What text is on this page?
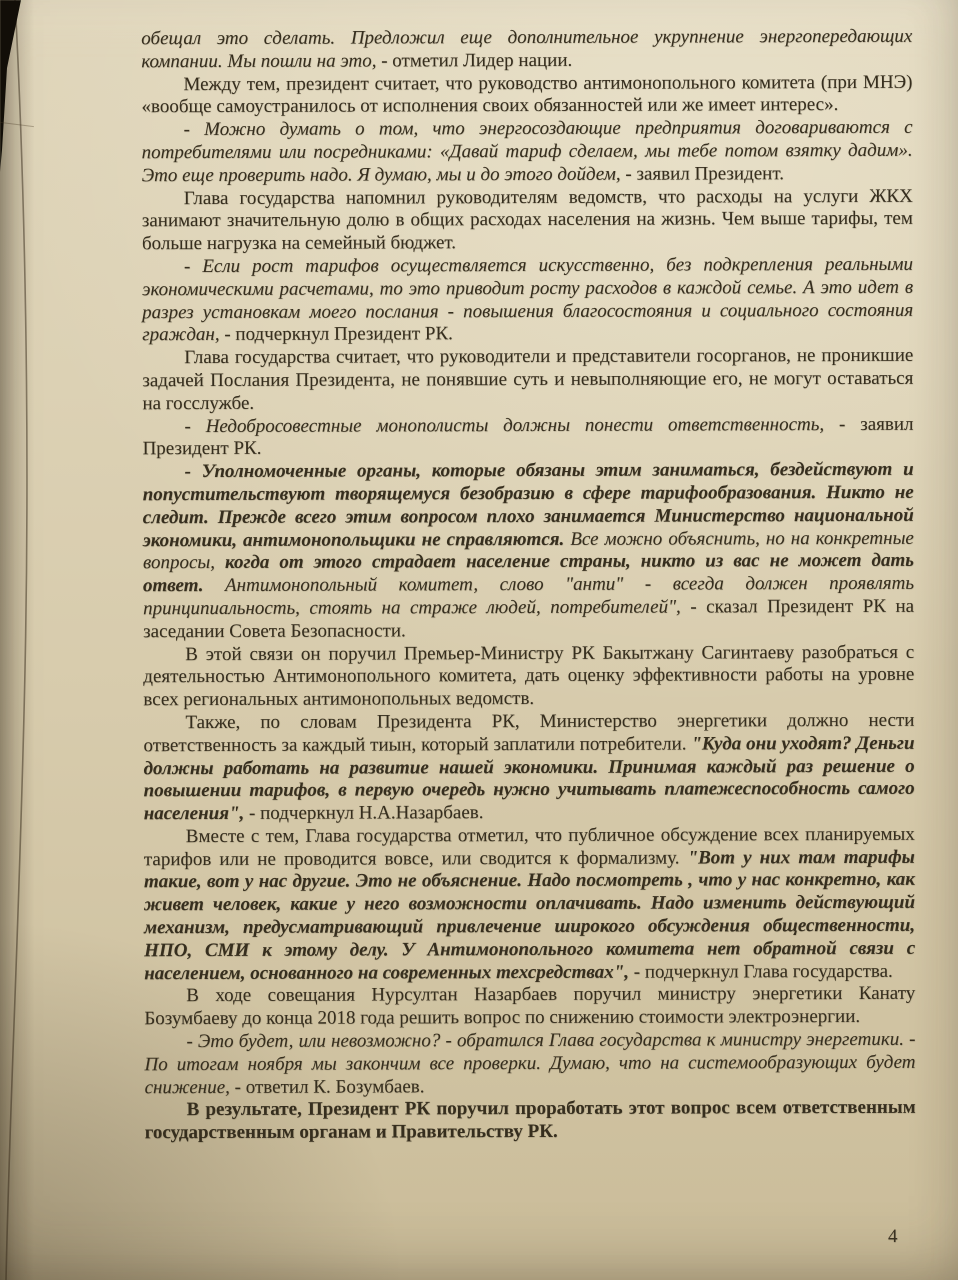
обещал это сделать. Предложил еще дополнительное укрупнение энергопередающих компании. Мы пошли на это, - отметил Лидер нации.

Между тем, президент считает, что руководство антимонопольного комитета (при МНЭ) «вообще самоустранилось от исполнения своих обязанностей или же имеет интерес».

- Можно думать о том, что энергосоздающие предприятия договариваются с потребителями или посредниками: «Давай тариф сделаем, мы тебе потом взятку дадим». Это еще проверить надо. Я думаю, мы и до этого дойдем, - заявил Президент.

Глава государства напомнил руководителям ведомств, что расходы на услуги ЖКХ занимают значительную долю в общих расходах населения на жизнь. Чем выше тарифы, тем больше нагрузка на семейный бюджет.

- Если рост тарифов осуществляется искусственно, без подкрепления реальными экономическими расчетами, то это приводит росту расходов в каждой семье. А это идет в разрез установкам моего послания - повышения благосостояния и социального состояния граждан, - подчеркнул Президент РК.

Глава государства считает, что руководители и представители госорганов, не проникшие задачей Послания Президента, не понявшие суть и невыполняющие его, не могут оставаться на госслужбе.

- Недобросовестные монополисты должны понести ответственность, - заявил Президент РК.

- Уполномоченные органы, которые обязаны этим заниматься, бездействуют и попустительствуют творящемуся безобразию в сфере тарифообразования. Никто не следит. Прежде всего этим вопросом плохо занимается Министерство национальной экономики, антимонопольщики не справляются. Все можно объяснить, но на конкретные вопросы, когда от этого страдает население страны, никто из вас не может дать ответ. Антимонопольный комитет, слово "анти" - всегда должен проявлять принципиальность, стоять на страже людей, потребителей", - сказал Президент РК на заседании Совета Безопасности.

В этой связи он поручил Премьер-Министру РК Бакытжану Сагинтаеву разобраться с деятельностью Антимонопольного комитета, дать оценку эффективности работы на уровне всех региональных антимонопольных ведомств.

Также, по словам Президента РК, Министерство энергетики должно нести ответственность за каждый тиын, который заплатили потребители. "Куда они уходят? Деньги должны работать на развитие нашей экономики. Принимая каждый раз решение о повышении тарифов, в первую очередь нужно учитывать платежеспособность самого населения", - подчеркнул Н.А.Назарбаев.

Вместе с тем, Глава государства отметил, что публичное обсуждение всех планируемых тарифов или не проводится вовсе, или сводится к формализму. "Вот у них там тарифы такие, вот у нас другие. Это не объяснение. Надо посмотреть , что у нас конкретно, как живет человек, какие у него возможности оплачивать. Надо изменить действующий механизм, предусматривающий привлечение широкого обсуждения общественности, НПО, СМИ к этому делу. У Антимонопольного комитета нет обратной связи с населением, основанного на современных техсредствах", - подчеркнул Глава государства.

В ходе совещания Нурсултан Назарбаев поручил министру энергетики Канату Бозумбаеву до конца 2018 года решить вопрос по снижению стоимости электроэнергии.

- Это будет, или невозможно? - обратился Глава государства к министру энергетики. - По итогам ноября мы закончим все проверки. Думаю, что на системообразующих будет снижение, - ответил К. Бозумбаев.

В результате, Президент РК поручил проработать этот вопрос всем ответственным государственным органам и Правительству РК.

4
